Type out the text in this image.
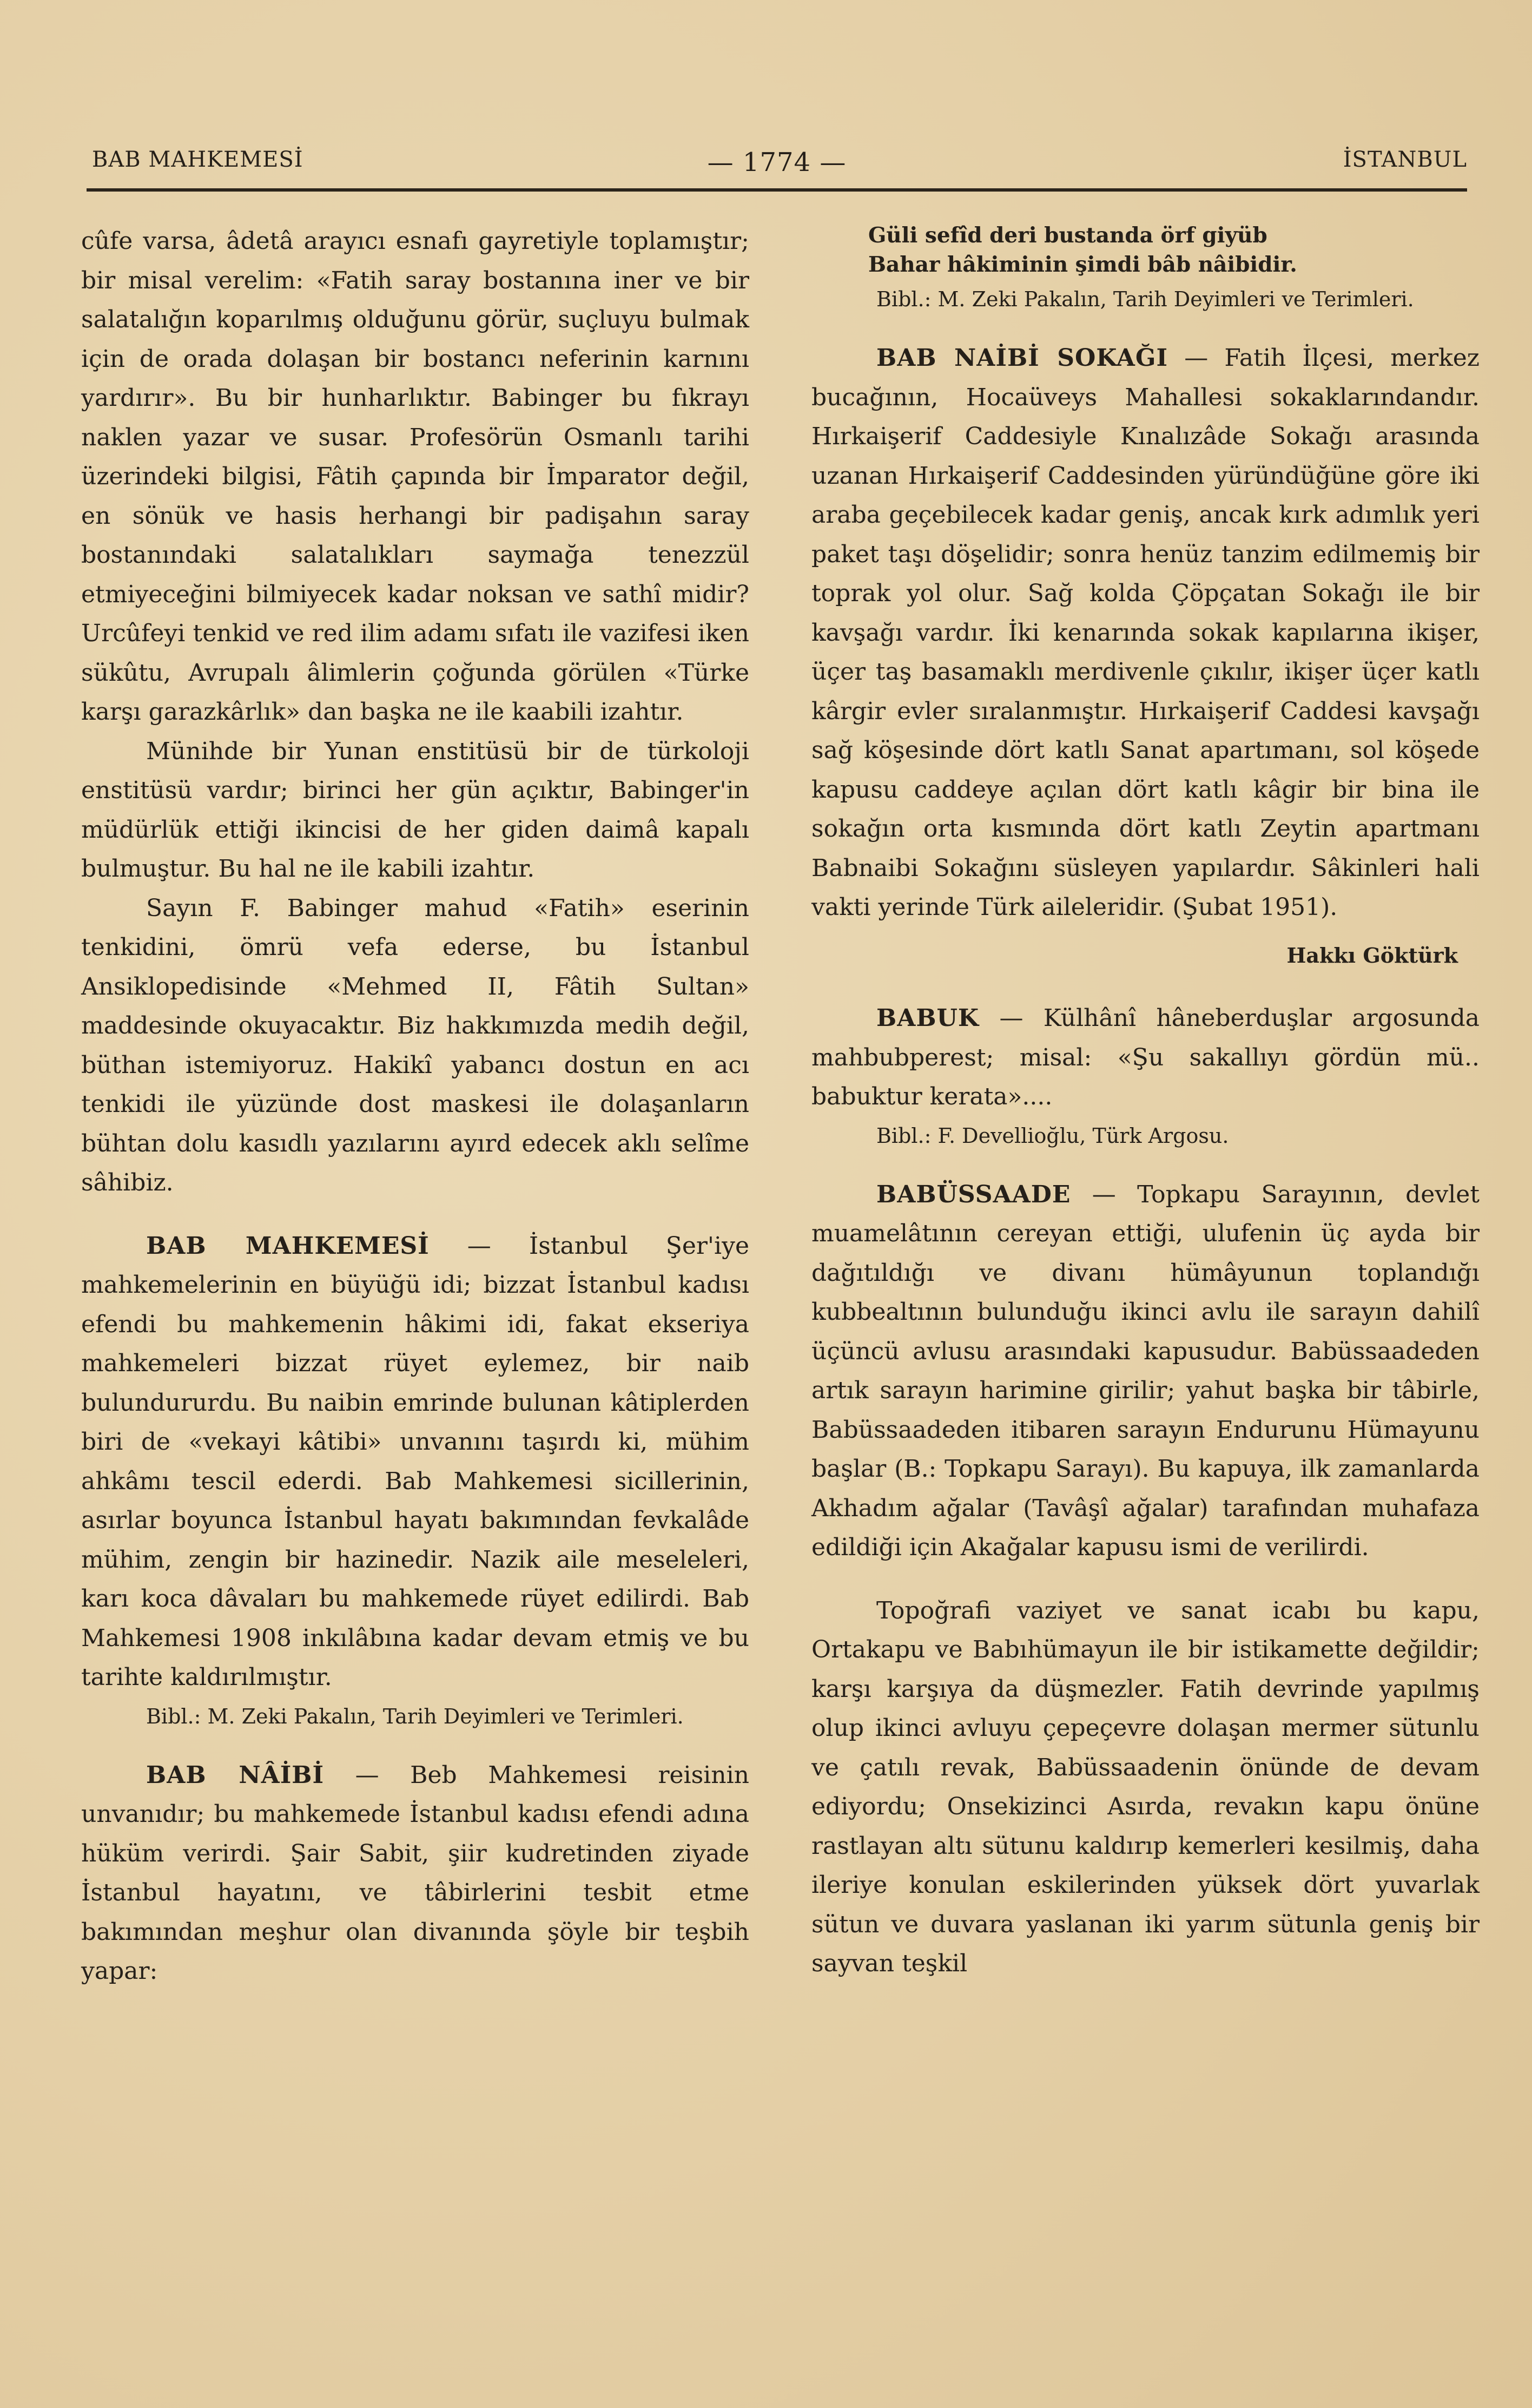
BAB MAHKEMESİ	— 1774 —	İSTANBUL

cûfe varsa, âdetâ arayıcı esnafı gayretiyle toplamıştır; bir misal verelim: «Fatih saray bostanına iner ve bir salatalığın koparılmış olduğunu görür, suçluyu bulmak için de orada dolaşan bir bostancı neferinin karnını yardırır». Bu bir hunharlıktır. Babinger bu fıkrayı naklen yazar ve susar. Profesörün Osmanlı tarihi üzerindeki bilgisi, Fâtih çapında bir İmparator değil, en sönük ve hasis herhangi bir padişahın saray bostanındaki salatalıkları saymağa tenezzül etmiyeceğini bilmiyecek kadar noksan ve sathî midir? Urcûfeyi tenkid ve red ilim adamı sıfatı ile vazifesi iken sükûtu, Avrupalı âlimlerin çoğunda görülen «Türke karşı garazkârlık» dan başka ne ile kaabili izahtır.

Münihde bir Yunan enstitüsü bir de türkoloji enstitüsü vardır; birinci her gün açıktır, Babinger'in müdürlük ettiği ikincisi de her giden daimâ kapalı bulmuştur. Bu hal ne ile kabili izahtır.

Sayın F. Babinger mahud «Fatih» eserinin tenkidini, ömrü vefa ederse, bu İstanbul Ansiklopedisinde «Mehmed II, Fâtih Sultan» maddesinde okuyacaktır. Biz hakkımızda medih değil, büthan istemiyoruz. Hakikî yabancı dostun en acı tenkidi ile yüzünde dost maskesi ile dolaşanların bühtan dolu kasıdlı yazılarını ayırd edecek aklı selîme sâhibiz.

BAB MAHKEMESİ — İstanbul Şer'iye mahkemelerinin en büyüğü idi; bizzat İstanbul kadısı efendi bu mahkemenin hâkimi idi, fakat ekseriya mahkemeleri bizzat rüyet eylemez, bir naib bulundururdu. Bu naibin emrinde bulunan kâtiplerden biri de «vekayi kâtibi» unvanını taşırdı ki, mühim ahkâmı tescil ederdi. Bab Mahkemesi sicillerinin, asırlar boyunca İstanbul hayatı bakımından fevkalâde mühim, zengin bir hazinedir. Nazik aile meseleleri, karı koca dâvaları bu mahkemede rüyet edilirdi. Bab Mahkemesi 1908 inkılâbına kadar devam etmiş ve bu tarihte kaldırılmıştır.

Bibl.: M. Zeki Pakalın, Tarih Deyimleri ve Terimleri.

BAB NÂİBİ — Beb Mahkemesi reisinin unvanıdır; bu mahkemede İstanbul kadısı efendi adına hüküm verirdi. Şair Sabit, şiir kudretinden ziyade İstanbul hayatını, ve tâbirlerini tesbit etme bakımından meşhur olan divanında şöyle bir teşbih yapar:

Güli sefîd deri bustanda örf giyüb

Bahar hâkiminin şimdi bâb nâibidir.

Bibl.: M. Zeki Pakalın, Tarih Deyimleri ve Terimleri.

BAB NAİBİ SOKAĞI — Fatih İlçesi, merkez bucağının, Hocaüveys Mahallesi sokaklarındandır. Hırkaişerif Caddesiyle Kınalızâde Sokağı arasında uzanan Hırkaişerif Caddesinden yüründüğüne göre iki araba geçebilecek kadar geniş, ancak kırk adımlık yeri paket taşı döşelidir; sonra henüz tanzim edilmemiş bir toprak yol olur. Sağ kolda Çöpçatan Sokağı ile bir kavşağı vardır. İki kenarında sokak kapılarına ikişer, üçer taş basamaklı merdivenle çıkılır, ikişer üçer katlı kârgir evler sıralanmıştır. Hırkaişerif Caddesi kavşağı sağ köşesinde dört katlı Sanat apartımanı, sol köşede kapusu caddeye açılan dört katlı kâgir bir bina ile sokağın orta kısmında dört katlı Zeytin apartmanı Babnaibi Sokağını süsleyen yapılardır. Sâkinleri hali vakti yerinde Türk aileleridir. (Şubat 1951).

Hakkı Göktürk

BABUK — Külhânî hâneberduşlar argosunda mahbubperest; misal: «Şu sakallıyı gördün mü.. babuktur kerata»....

Bibl.: F. Devellioğlu, Türk Argosu.

BABÜSSAADE — Topkapu Sarayının, devlet muamelâtının cereyan ettiği, ulufenin üç ayda bir dağıtıldığı ve divanı hümâyunun toplandığı kubbealtının bulunduğu ikinci avlu ile sarayın dahilî üçüncü avlusu arasındaki kapusudur. Babüssaadeden artık sarayın harimine girilir; yahut başka bir tâbirle, Babüssaadeden itibaren sarayın Endurunu Hümayunu başlar (B.: Topkapu Sarayı). Bu kapuya, ilk zamanlarda Akhadım ağalar (Tavâşî ağalar) tarafından muhafaza edildiği için Akağalar kapusu ismi de verilirdi.

Topoğrafi vaziyet ve sanat icabı bu kapu, Ortakapu ve Babıhümayun ile bir istikamette değildir; karşı karşıya da düşmezler. Fatih devrinde yapılmış olup ikinci avluyu çepeçevre dolaşan mermer sütunlu ve çatılı revak, Babüssaadenin önünde de devam ediyordu; Onsekizinci Asırda, revakın kapu önüne rastlayan altı sütunu kaldırıp kemerleri kesilmiş, daha ileriye konulan eskilerinden yüksek dört yuvarlak sütun ve duvara yaslanan iki yarım sütunla geniş bir sayvan teşkil
